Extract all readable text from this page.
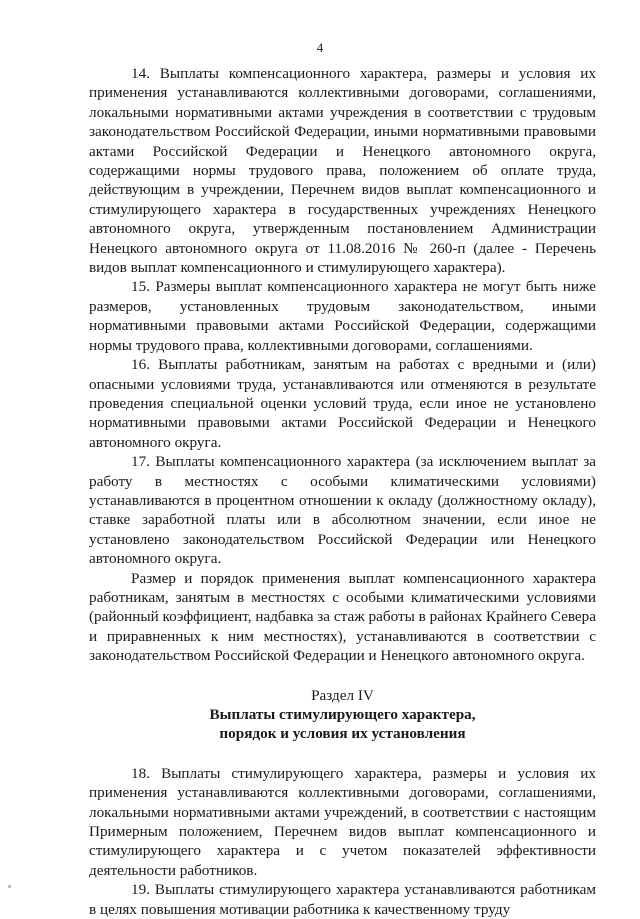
4

14. Выплаты компенсационного характера, размеры и условия их применения устанавливаются коллективными договорами, соглашениями, локальными нормативными актами учреждения в соответствии с трудовым законодательством Российской Федерации, иными нормативными правовыми актами Российской Федерации и Ненецкого автономного округа, содержащими нормы трудового права, положением об оплате труда, действующим в учреждении, Перечнем видов выплат компенсационного и стимулирующего характера в государственных учреждениях Ненецкого автономного округа, утвержденным постановлением Администрации Ненецкого автономного округа от 11.08.2016 № 260-п (далее - Перечень видов выплат компенсационного и стимулирующего характера).

15. Размеры выплат компенсационного характера не могут быть ниже размеров, установленных трудовым законодательством, иными нормативными правовыми актами Российской Федерации, содержащими нормы трудового права, коллективными договорами, соглашениями.

16. Выплаты работникам, занятым на работах с вредными и (или) опасными условиями труда, устанавливаются или отменяются в результате проведения специальной оценки условий труда, если иное не установлено нормативными правовыми актами Российской Федерации и Ненецкого автономного округа.

17. Выплаты компенсационного характера (за исключением выплат за работу в местностях с особыми климатическими условиями) устанавливаются в процентном отношении к окладу (должностному окладу), ставке заработной платы или в абсолютном значении, если иное не установлено законодательством Российской Федерации или Ненецкого автономного округа.

Размер и порядок применения выплат компенсационного характера работникам, занятым в местностях с особыми климатическими условиями (районный коэффициент, надбавка за стаж работы в районах Крайнего Севера и приравненных к ним местностях), устанавливаются в соответствии с законодательством Российской Федерации и Ненецкого автономного округа.

Раздел IV

Выплаты стимулирующего характера,

порядок и условия их установления

18. Выплаты стимулирующего характера, размеры и условия их применения устанавливаются коллективными договорами, соглашениями, локальными нормативными актами учреждений, в соответствии с настоящим Примерным положением, Перечнем видов выплат компенсационного и стимулирующего характера и с учетом показателей эффективности деятельности работников.

19. Выплаты стимулирующего характера устанавливаются работникам в целях повышения мотивации работника к качественному труду
